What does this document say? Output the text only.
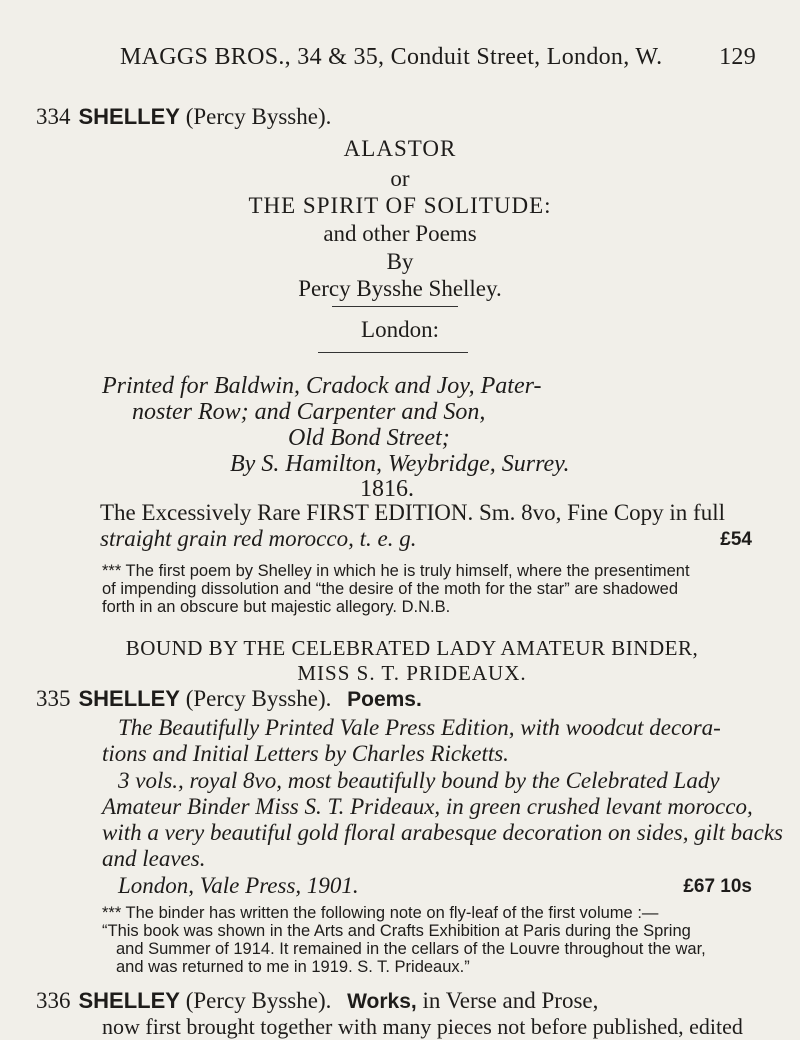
MAGGS BROS., 34 & 35, Conduit Street, London, W. 129
334 SHELLEY (Percy Bysshe).
ALASTOR
or
THE SPIRIT OF SOLITUDE:
and other Poems
By
Percy Bysshe Shelley.
London:
Printed for Baldwin, Cradock and Joy, Pater-
noster Row; and Carpenter and Son,
Old Bond Street;
By S. Hamilton, Weybridge, Surrey.
1816.
The Excessively Rare FIRST EDITION. Sm. 8vo, Fine Copy in full
straight grain red morocco, t. e. g.	£54
*** The first poem by Shelley in which he is truly himself, where the presentiment
of impending dissolution and “the desire of the moth for the star” are shadowed
forth in an obscure but majestic allegory. D.N.B.
BOUND BY THE CELEBRATED LADY AMATEUR BINDER,
MISS S. T. PRIDEAUX.
335 SHELLEY (Percy Bysshe). Poems.
The Beautifully Printed Vale Press Edition, with woodcut decora-
tions and Initial Letters by Charles Ricketts.
3 vols., royal 8vo, most beautifully bound by the Celebrated Lady
Amateur Binder Miss S. T. Prideaux, in green crushed levant morocco,
with a very beautiful gold floral arabesque decoration on sides, gilt backs
and leaves.
London, Vale Press, 1901.	£67 10s
*** The binder has written the following note on fly-leaf of the first volume :—
“This book was shown in the Arts and Crafts Exhibition at Paris during the Spring
and Summer of 1914. It remained in the cellars of the Louvre throughout the war,
and was returned to me in 1919. S. T. Prideaux.”
336 SHELLEY (Percy Bysshe). Works, in Verse and Prose,
now first brought together with many pieces not before published, edited
